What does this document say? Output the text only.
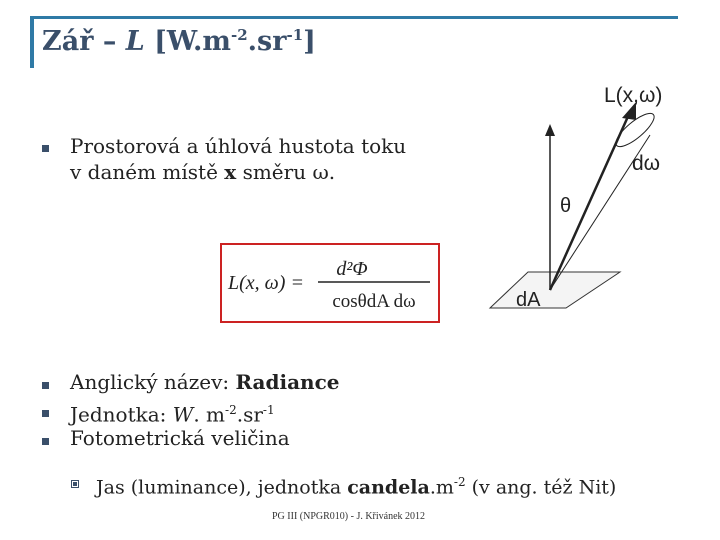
Zář – L $[W.m^{-2}.sr^{-1}]$
Prostorová a úhlová hustota toku
v daném místě x směru ω.
L(x, ω) =
d²Φ
cosθdA dω
L(x,ω)
dω
θ
dA
Anglický název: Radiance
Jednotka: W. $m^{-2}.sr^{-1}$
Fotometrická veličina
Jas (luminance), jednotka $candela.m^{-2}$ (v ang. též Nit)
PG III (NPGR010) - J. Křivánek 2012
